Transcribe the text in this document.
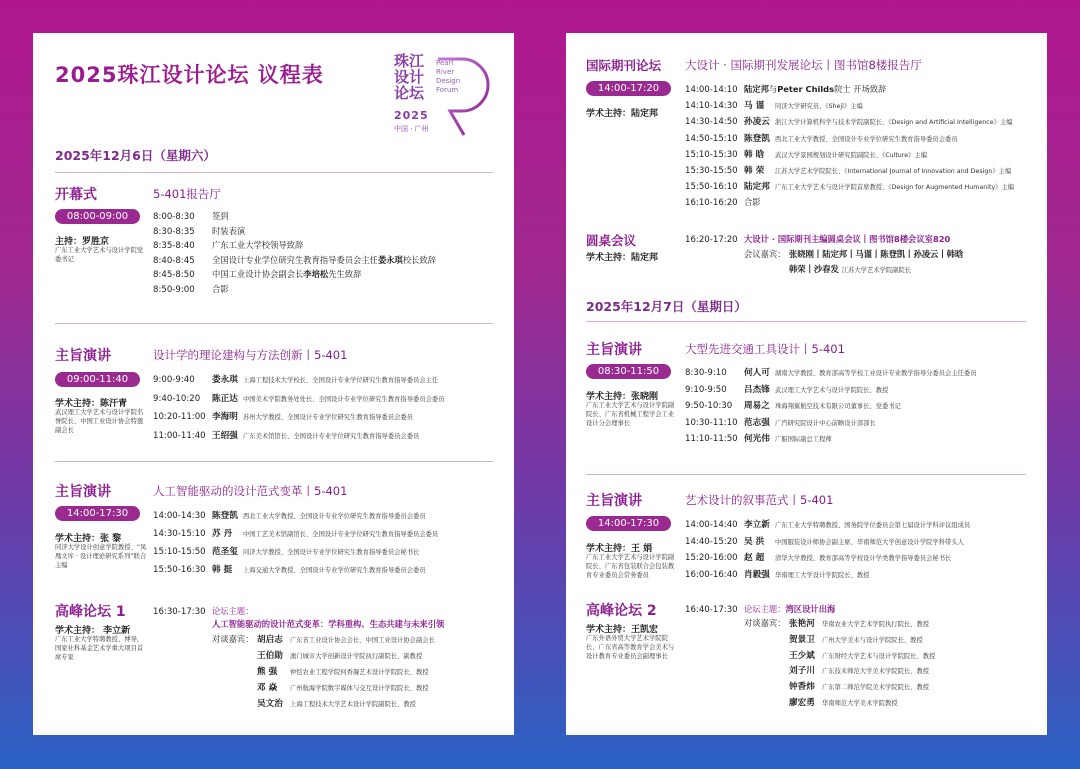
2025珠江设计论坛 议程表
珠江
设计
论坛
Pearl
River
Design
Forum
2025
中国 · 广州
2025年12月6日（星期六）
开幕式	5-401报告厅
08:00-09:00
主持：罗胜京
广东工业大学艺术与设计学院党委书记
8:00-8:30	签到
8:30-8:35	时装表演
8:35-8:40	广东工业大学校领导致辞
8:40-8:45	全国设计专业学位研究生教育指导委员会主任 娄永琪 校长致辞
8:45-8:50	中国工业设计协会副会长 李培松 先生致辞
8:50-9:00	合影
主旨演讲	设计学的理论建构与方法创新丨5-401
09:00-11:40
学术主持：陈汗青
武汉理工大学艺术与设计学院名誉院长、中国工业设计协会特邀副会长
9:00-9:40	娄永琪 上海工程技术大学校长、全国设计专业学位研究生教育指导委员会主任
9:40-10:20	陈正达 中国美术学院教务处处长、全国设计专业学位研究生教育指导委员会委员
10:20-11:00 李海明 苏州大学教授、全国设计专业学位研究生教育指导委员会委员
11:00-11:40 王绍强 广东美术馆馆长、全国设计专业学位研究生教育指导委员会委员
主旨演讲	人工智能驱动的设计范式变革丨5-401
14:00-17:30
学术主持：张 黎
同济大学设计创意学院教授、“凤凰文库 · 设计理论研究系列”联合主编
14:00-14:30 陈登凯 西北工业大学教授、全国设计专业学位研究生教育指导委员会委员
14:30-15:10 苏 丹	中国工艺美术馆副馆长、全国设计专业学位研究生教育指导委员会委员
15:10-15:50 范圣玺 同济大学教授、全国设计专业学位研究生教育指导委员会秘书长
15:50-16:30 韩 挺	上海交通大学教授、全国设计专业学位研究生教育指导委员会委员
高峰论坛 1
学术主持： 李立新
广东工业大学特聘教授、博导，国家社科基金艺术学重大项目首席专家
16:30-17:30 论坛主题：
人工智能驱动的设计范式变革：学科重构、生态共建与未来引领
对谈嘉宾： 胡启志	广东省工业设计协会会长、中国工业设计协会副会长
王伯勋	澳门城市大学创新设计学院执行副院长、副教授
熊 强	仲恺农业工程学院何香凝艺术设计学院院长、教授
邓 焱	广州航海学院数字媒体与交互设计学院院长、教授
吴文治	上海工程技术大学艺术设计学院副院长、教授
国际期刊论坛 大设计 · 国际期刊发展论坛丨图书馆8楼报告厅
14:00-17:20
学术主持：陆定邦
14:00-14:10 陆定邦 与 Peter Childs 院士 开场致辞
14:10-14:30 马 谨	同济大学研究员、《Shejì》主编
14:30-14:50 孙凌云 浙江大学计算机科学与技术学院副院长、《Design and Artificial Intelligence》主编
14:50-15:10 陈登凯 西北工业大学教授、全国设计专业学位研究生教育指导委员会委员
15:10-15:30 韩 晗	武汉大学景园规划设计研究院副院长、《Culture》主编
15:30-15:50 韩 荣	江苏大学艺术学院院长、《International Journal of Innovation and Design》主编
15:50-16:10 陆定邦 广东工业大学艺术与设计学院首席教授、《Design for Augmented Humanity》主编
16:10-16:20 合影
圆桌会议
学术主持：陆定邦
16:20-17:20 大设计 · 国际期刊主编圆桌会议丨图书馆8楼会议室820
会议嘉宾： 张晓刚丨陆定邦丨马谨丨陈登凯丨孙凌云丨韩晗
韩荣丨沙春发 江苏大学艺术学院副院长
2025年12月7日（星期日）
主旨演讲	大型先进交通工具设计丨5-401
08:30-11:50
学术主持：张晓刚
广东工业大学艺术与设计学院副院长、广东省机械工程学会工业设计分会理事长
8:30-9:10	何人可 湖南大学教授、教育部高等学校工业设计专业教学指导分委员会主任委员
9:10-9:50	吕杰锋 武汉理工大学艺术与设计学院院长、教授
9:50-10:30	周易之 珠海翔翼航空技术有限公司董事长、党委书记
10:30-11:10 范志强 广汽研究院设计中心前瞻设计部部长
11:10-11:50 何光伟 广船国际副总工程师
主旨演讲	艺术设计的叙事范式丨5-401
14:00-17:30
学术主持：王 娟
广东工业大学艺术与设计学院副院长、广东省包装联合会包装教育专业委员会常务委员
14:00-14:40 李立新 广东工业大学特聘教授、国务院学位委员会第七届设计学科评议组成员
14:40-15:20 吴 洪	中国服装设计师协会副主席、华南师范大学创意设计学院学科带头人
15:20-16:00 赵 超	清华大学教授、教育部高等学校设计学类教学指导委员会秘书长
16:00-16:40 肖毅强 华南理工大学设计学院院长、教授
高峰论坛 2
学术主持：王凯宏
广东外语外贸大学艺术学院院长、广东省高等教育学会美术与设计教育专业委员会副理事长
16:40-17:30 论坛主题： 湾区设计出海
对谈嘉宾： 张艳河	华南农业大学艺术学院执行院长、教授
贺景卫	广州大学美术与设计学院院长、教授
王少斌	广东财经大学艺术与设计学院院长、教授
刘子川	广东技术师范大学美术学院院长、教授
钟香炜	广东第二师范学院美术学院院长、教授
廖宏勇	华南师范大学美术学院教授
